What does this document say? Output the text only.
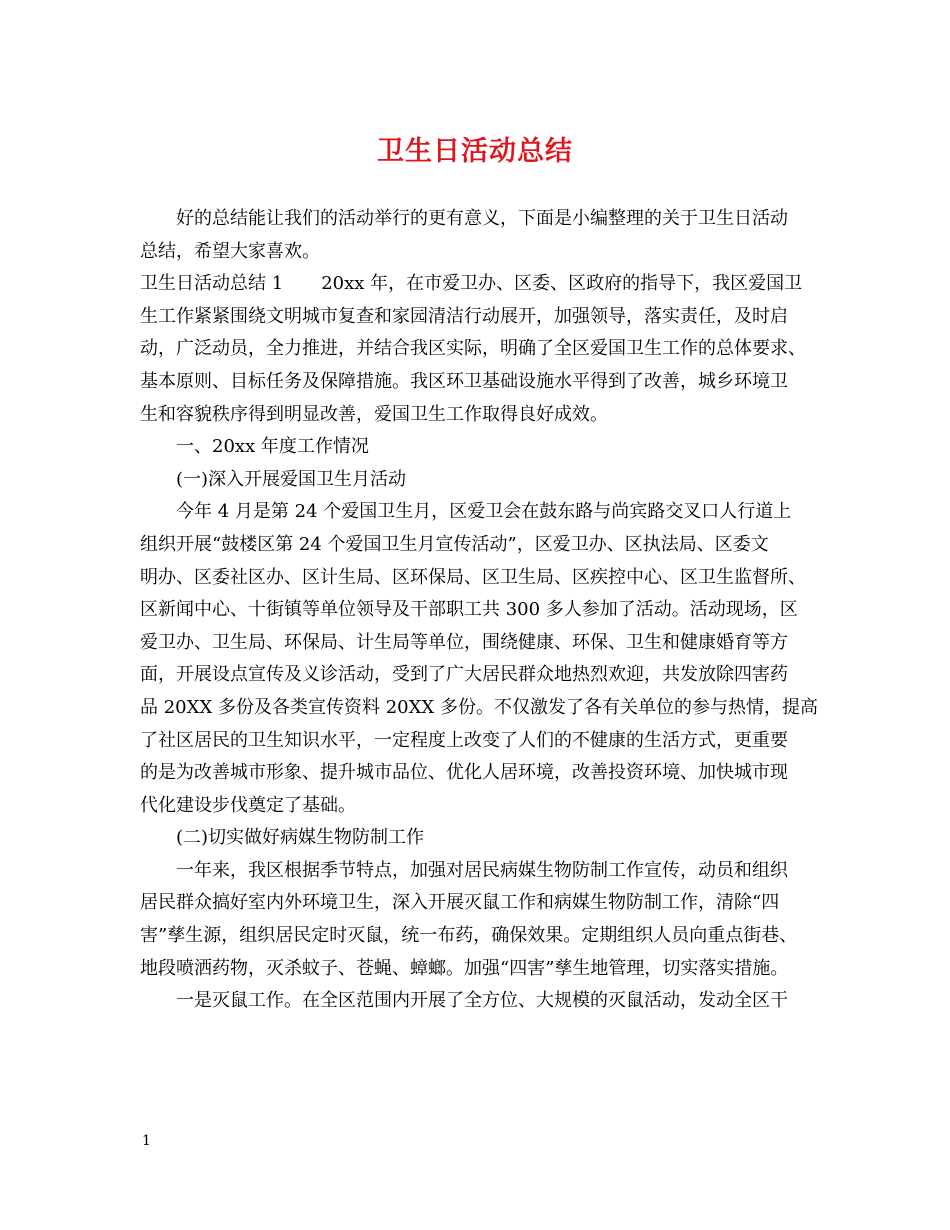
卫生日活动总结
好的总结能让我们的活动举行的更有意义，下面是小编整理的关于卫生日活动
总结，希望大家喜欢。
卫生日活动总结 1 20xx 年，在市爱卫办、区委、区政府的指导下，我区爱国卫
生工作紧紧围绕文明城市复查和家园清洁行动展开，加强领导，落实责任，及时启
动，广泛动员，全力推进，并结合我区实际，明确了全区爱国卫生工作的总体要求、
基本原则、目标任务及保障措施。我区环卫基础设施水平得到了改善，城乡环境卫
生和容貌秩序得到明显改善，爱国卫生工作取得良好成效。
一、20xx 年度工作情况
(一)深入开展爱国卫生月活动
今年 4 月是第 24 个爱国卫生月，区爱卫会在鼓东路与尚宾路交叉口人行道上
组织开展“鼓楼区第 24 个爱国卫生月宣传活动”，区爱卫办、区执法局、区委文
明办、区委社区办、区计生局、区环保局、区卫生局、区疾控中心、区卫生监督所、
区新闻中心、十街镇等单位领导及干部职工共 300 多人参加了活动。活动现场，区
爱卫办、卫生局、环保局、计生局等单位，围绕健康、环保、卫生和健康婚育等方
面，开展设点宣传及义诊活动，受到了广大居民群众地热烈欢迎，共发放除四害药
品 20XX 多份及各类宣传资料 20XX 多份。不仅激发了各有关单位的参与热情，提高
了社区居民的卫生知识水平，一定程度上改变了人们的不健康的生活方式，更重要
的是为改善城市形象、提升城市品位、优化人居环境，改善投资环境、加快城市现
代化建设步伐奠定了基础。
(二)切实做好病媒生物防制工作
一年来，我区根据季节特点，加强对居民病媒生物防制工作宣传，动员和组织
居民群众搞好室内外环境卫生，深入开展灭鼠工作和病媒生物防制工作，清除“四
害”孳生源，组织居民定时灭鼠，统一布药，确保效果。定期组织人员向重点街巷、
地段喷洒药物，灭杀蚊子、苍蝇、蟑螂。加强“四害”孳生地管理，切实落实措施。
一是灭鼠工作。在全区范围内开展了全方位、大规模的灭鼠活动，发动全区干
1
